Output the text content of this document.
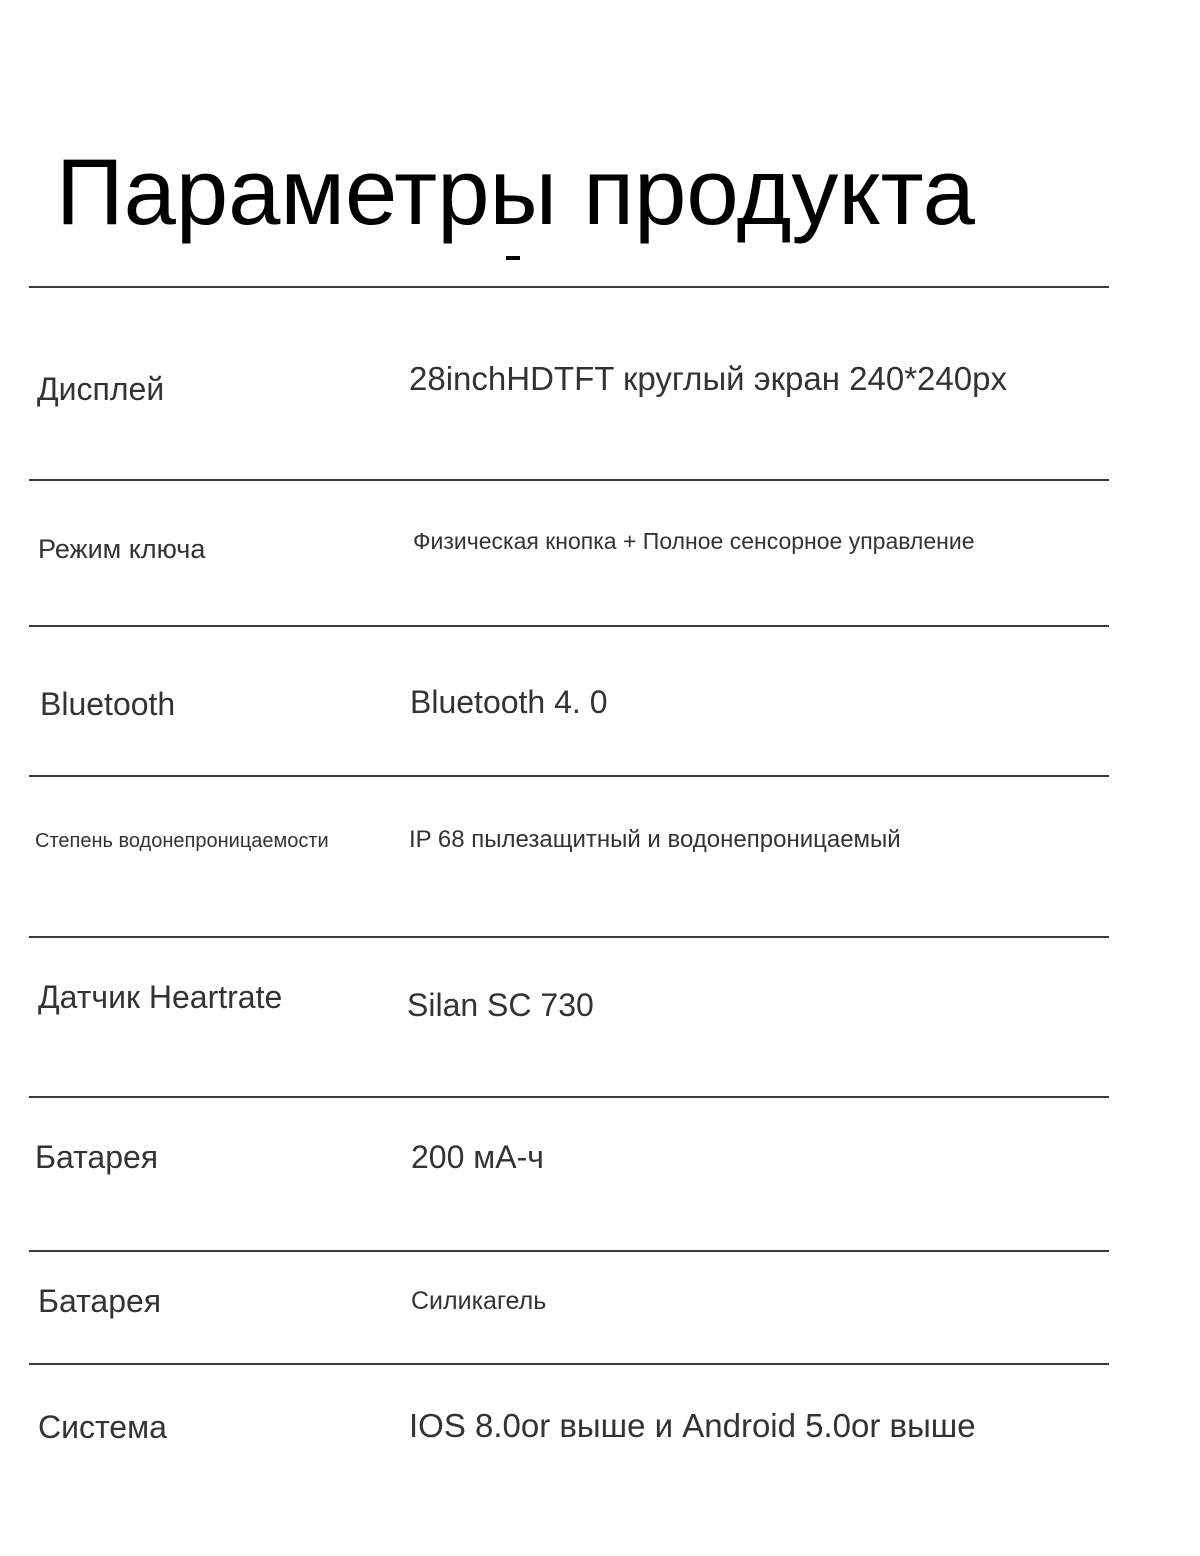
Параметры продукта
Дисплей	28inchHDTFT круглый экран 240*240px
Режим ключа	Физическая кнопка + Полное сенсорное управление
Bluetooth	Bluetooth 4. 0
Степень водонепроницаемости	IP 68 пылезащитный и водонепроницаемый
Датчик Heartrate	Silan SC 730
Батарея	200 мА-ч
Батарея	Силикагель
Система	IOS 8.0or выше и Android 5.0or выше
